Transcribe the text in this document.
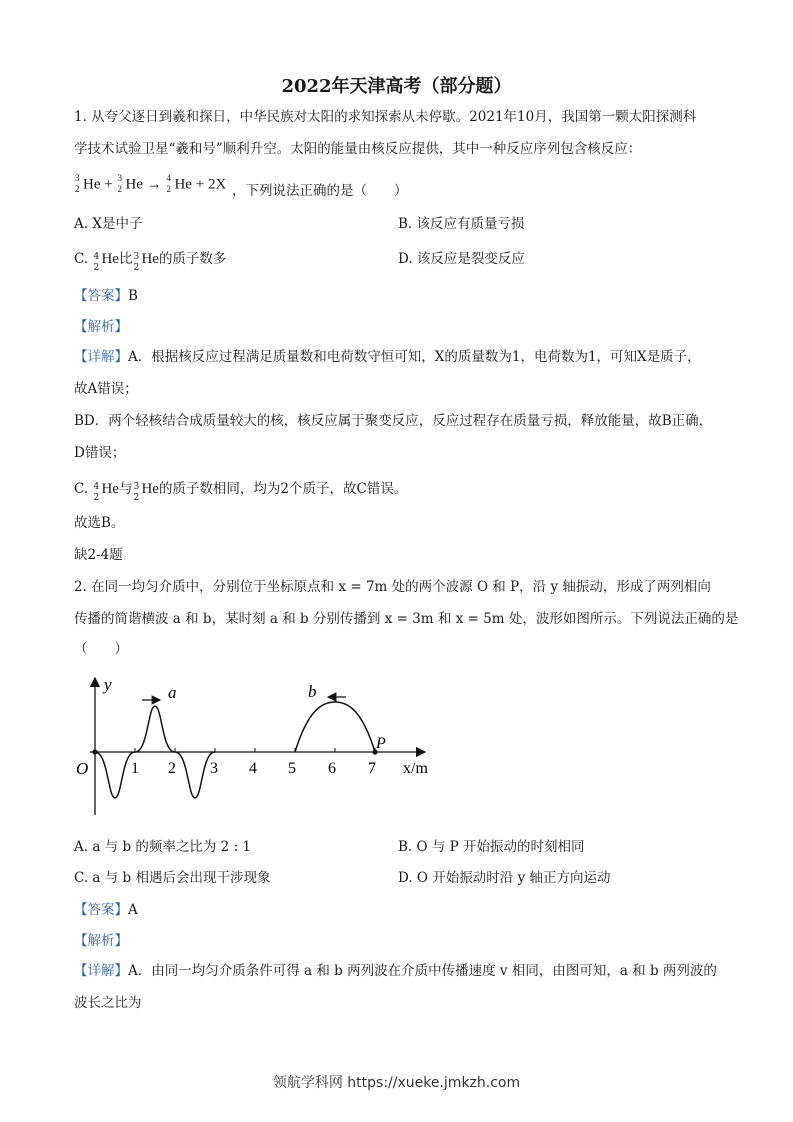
2022年天津高考（部分题）
1. 从夸父逐日到羲和探日，中华民族对太阳的求知探索从未停歇。2021年10月，我国第一颗太阳探测科
学技术试验卫星“羲和号”顺利升空。太阳的能量由核反应提供，其中一种反应序列包含核反应：
3
2 He + 3
2 He → 4
2 He + 2X ，下列说法正确的是（　　）
A. X是中子	B. 该反应有质量亏损
C. 4
2
He比 3
2
He的质子数多	D. 该反应是裂变反应
【答案】B
【解析】
【详解】A．根据核反应过程满足质量数和电荷数守恒可知，X的质量数为1，电荷数为1，可知X是质子，
故A错误；
BD．两个轻核结合成质量较大的核，核反应属于聚变反应，反应过程存在质量亏损，释放能量，故B正确，
D错误；
C. 4
2
He与 3
2
He的质子数相同，均为2个质子，故C错误。
故选B。
缺2-4题
2. 在同一均匀介质中，分别位于坐标原点和 x = 7m 处的两个波源 O 和 P，沿 y 轴振动，形成了两列相向
传播的简谐横波 a 和 b，某时刻 a 和 b 分别传播到 x = 3m 和 x = 5m 处，波形如图所示。下列说法正确的是
（　　）
y
x/m
O
P
a	b
1 2 3 4 5 6 7
A. a 与 b 的频率之比为 2 : 1	B. O 与 P 开始振动的时刻相同
C. a 与 b 相遇后会出现干涉现象	D. O 开始振动时沿 y 轴正方向运动
【答案】A
【解析】
【详解】A．由同一均匀介质条件可得 a 和 b 两列波在介质中传播速度 v 相同，由图可知，a 和 b 两列波的
波长之比为
领航学科网 https://xueke.jmkzh.com
